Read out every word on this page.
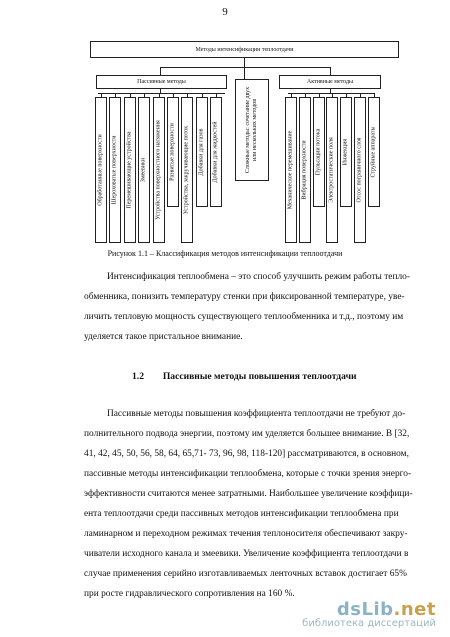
9
Методы интенсификации теплоотдачи
Пассивные методы
Сложные методы: сочетание двух или нескольких методов
Активные методы
Обработанные поверхности Шероховатые поверхности Перемешивающие устройства Змеевики Устройства поверхностного натяжения Развитые поверхности Устройства, закручивающие поток Добавки для газов Добавки для жидкостей	Механическое перемешивание Вибрация поверхности Пульсации потока Электростатические поля Инжекция Отсос пограничного слоя Струйные аппараты
Рисунок 1.1 – Классификация методов интенсификации теплоотдачи
Интенсификация теплообмена – это способ улучшить режим работы тепло-
обменника, понизить температуру стенки при фиксированной температуре, уве-
личить тепловую мощность существующего теплообменника и т.д., поэтому им
уделяется такое пристальное внимание.
1.2 Пассивные методы повышения теплоотдачи
Пассивные методы повышения коэффициента теплоотдачи не требуют до-
полнительного подвода энергии, поэтому им уделяется большее внимание. В [32,
41, 42, 45, 50, 56, 58, 64, 65,71- 73, 96, 98, 118-120] рассматриваются, в основном,
пассивные методы интенсификации теплообмена, которые с точки зрения энерго-
эффективности считаются менее затратными. Наибольшее увеличение коэффици-
ента теплоотдачи среди пассивных методов интенсификации теплообмена при
ламинарном и переходном режимах течения теплоносителя обеспечивают закру-
чиватели исходного канала и змеевики. Увеличение коэффициента теплоотдачи в
случае применения серийно изготавливаемых ленточных вставок достигает 65%
при росте гидравлического сопротивления на 160 %.
dsLib.net
библиотека диссертаций
